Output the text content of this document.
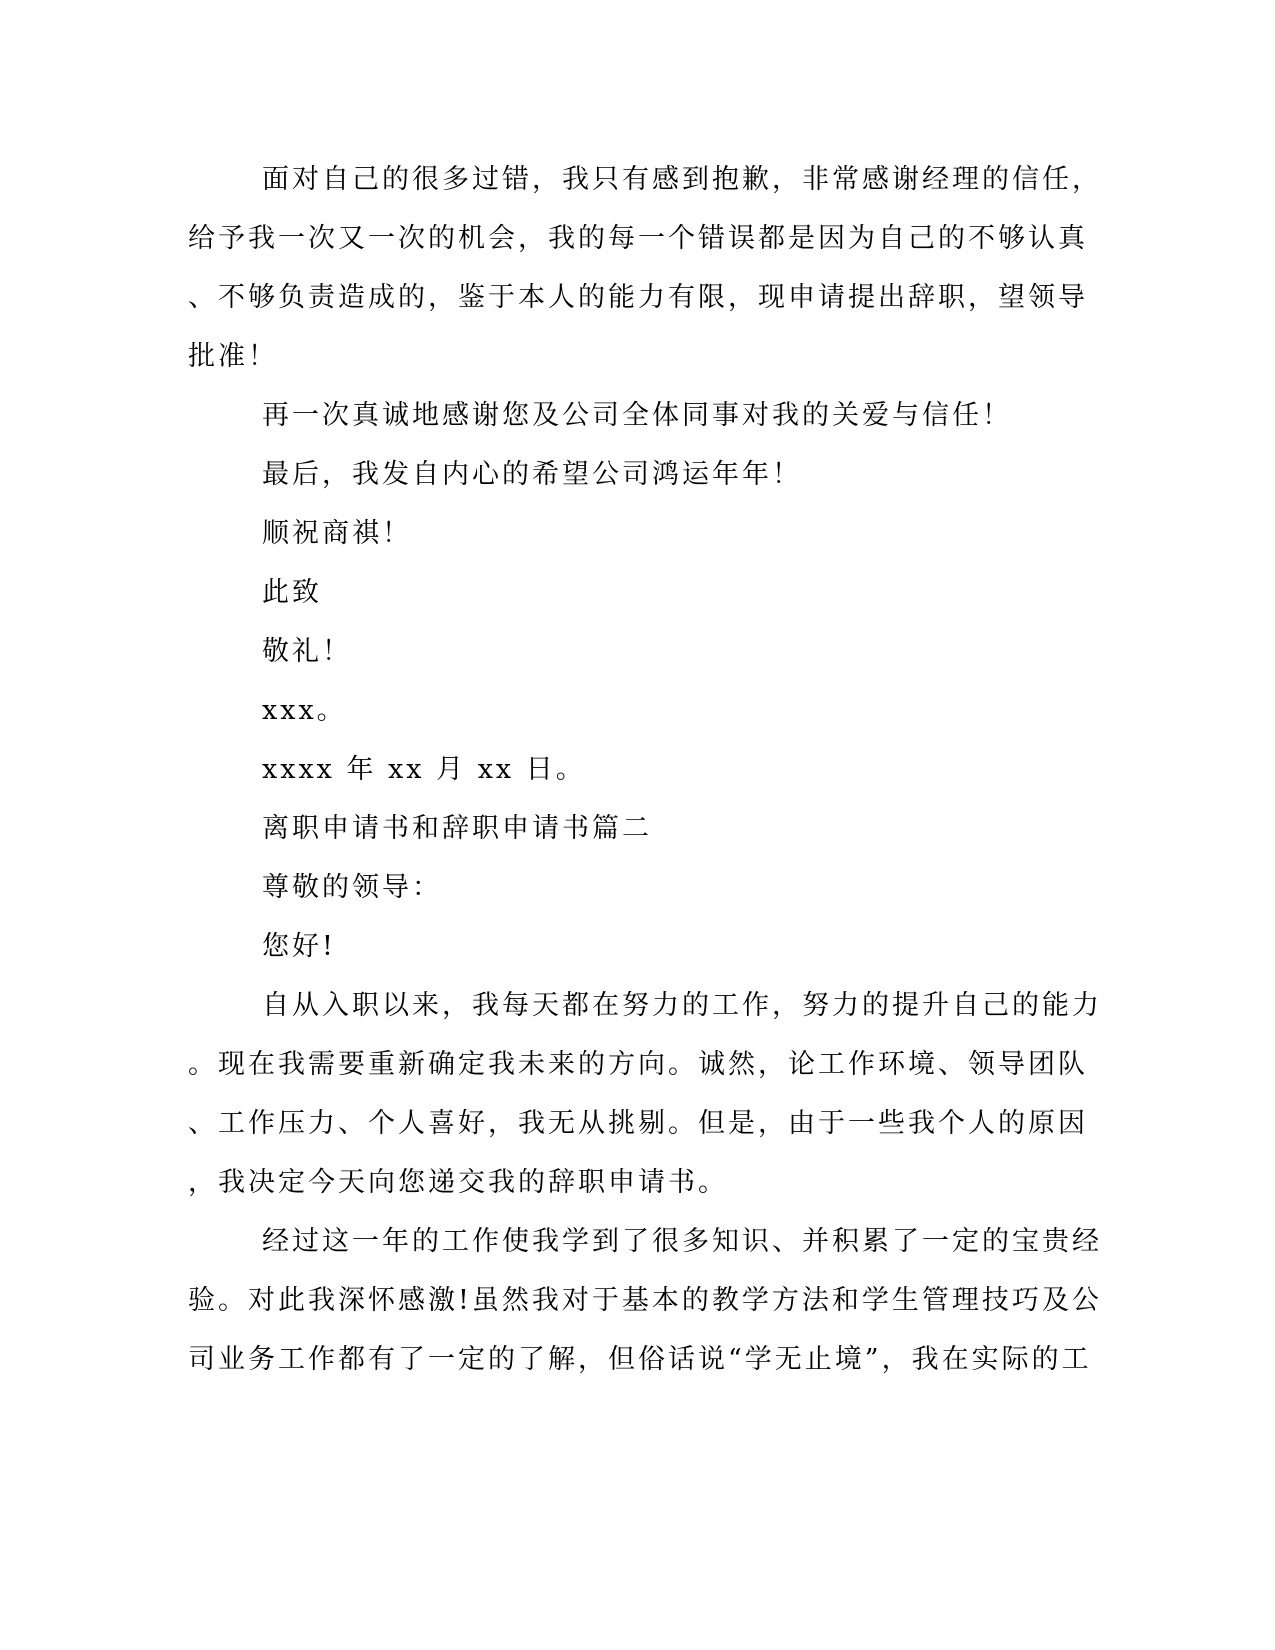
面对自己的很多过错，我只有感到抱歉，非常感谢经理的信任，
给予我一次又一次的机会，我的每一个错误都是因为自己的不够认真
、不够负责造成的，鉴于本人的能力有限，现申请提出辞职，望领导
批准！
再一次真诚地感谢您及公司全体同事对我的关爱与信任！
最后，我发自内心的希望公司鸿运年年！
顺祝商祺！
此致
敬礼！
xxx。
xxxx 年 xx 月 xx 日。
离职申请书和辞职申请书篇二
尊敬的领导：
您好!
自从入职以来，我每天都在努力的工作，努力的提升自己的能力
。现在我需要重新确定我未来的方向。诚然，论工作环境、领导团队
、工作压力、个人喜好，我无从挑剔。但是，由于一些我个人的原因
，我决定今天向您递交我的辞职申请书。
经过这一年的工作使我学到了很多知识、并积累了一定的宝贵经
验。对此我深怀感激!虽然我对于基本的教学方法和学生管理技巧及公
司业务工作都有了一定的了解，但俗话说“学无止境”，我在实际的工
